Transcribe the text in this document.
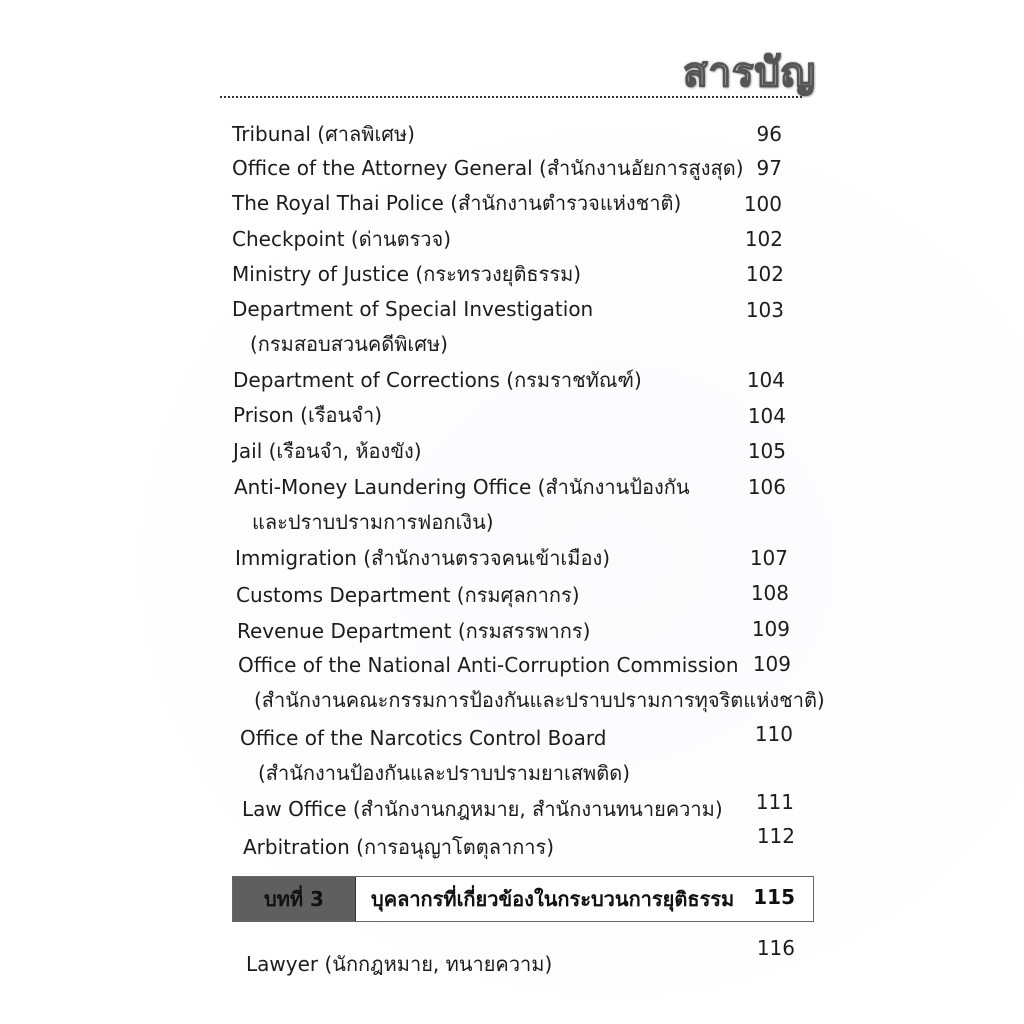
สารบัญ
Tribunal (ศาลพิเศษ)	96
Office of the Attorney General (สำนักงานอัยการสูงสุด) 97
The Royal Thai Police (สำนักงานตำรวจแห่งชาติ)	100
Checkpoint (ด่านตรวจ)	102
Ministry of Justice (กระทรวงยุติธรรม)	102
Department of Special Investigation
(กรมสอบสวนคดีพิเศษ)
103
Department of Corrections (กรมราชทัณฑ์)	104
Prison (เรือนจำ)	104
Jail (เรือนจำ, ห้องขัง)	105
Anti-Money Laundering Office (สำนักงานป้องกัน
และปราบปรามการฟอกเงิน)
106
Immigration (สำนักงานตรวจคนเข้าเมือง)	107
Customs Department (กรมศุลกากร)	108
Revenue Department (กรมสรรพากร)	109
Office of the National Anti-Corruption Commission
(สำนักงานคณะกรรมการป้องกันและปราบปรามการทุจริตแห่งชาติ)
109
Office of the Narcotics Control Board
(สำนักงานป้องกันและปราบปรามยาเสพติด)
110
Law Office (สำนักงานกฎหมาย, สำนักงานทนายความ)	111
Arbitration (การอนุญาโตตุลาการ)	112
บทที่ 3	บุคลากรที่เกี่ยวข้องในกระบวนการยุติธรรม 115
Lawyer (นักกฎหมาย, ทนายความ)
116
